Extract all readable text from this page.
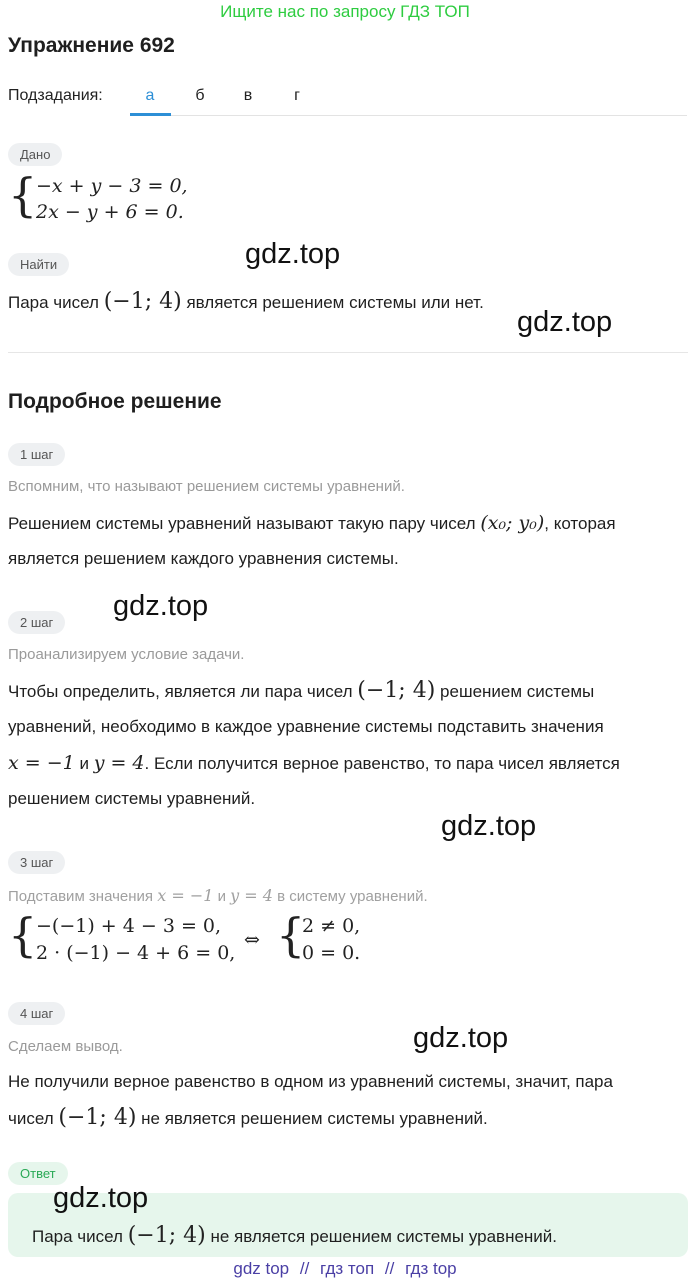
Ищите нас по запросу ГДЗ ТОП
Упражнение 692
Подзадания:	а	б	в	г
Дано
{
−x + y − 3 = 0,
2x − y + 6 = 0.
Найти	gdz.top
Пара чисел (−1; 4) является решением системы или нет.
gdz.top
Подробное решение
1 шаг
Вспомним, что называют решением системы уравнений.
Решением системы уравнений называют такую пару чисел (x₀; y₀), которая
является решением каждого уравнения системы.
gdz.top
2 шаг
Проанализируем условие задачи.
Чтобы определить, является ли пара чисел (−1; 4) решением системы
уравнений, необходимо в каждое уравнение системы подставить значения
x = −1 и y = 4. Если получится верное равенство, то пара чисел является
решением системы уравнений.
gdz.top
3 шаг
Подставим значения x = −1 и y = 4 в систему уравнений.
{
−(−1) + 4 − 3 = 0,
2 · (−1) − 4 + 6 = 0,
⇔ {
2 ≠ 0,
0 = 0.
4 шаг
gdz.top
Сделаем вывод.
Не получили верное равенство в одном из уравнений системы, значит, пара
чисел (−1; 4) не является решением системы уравнений.
Ответ
gdz.top
Пара чисел (−1; 4) не является решением системы уравнений.
gdz top // гдз топ // гдз top
